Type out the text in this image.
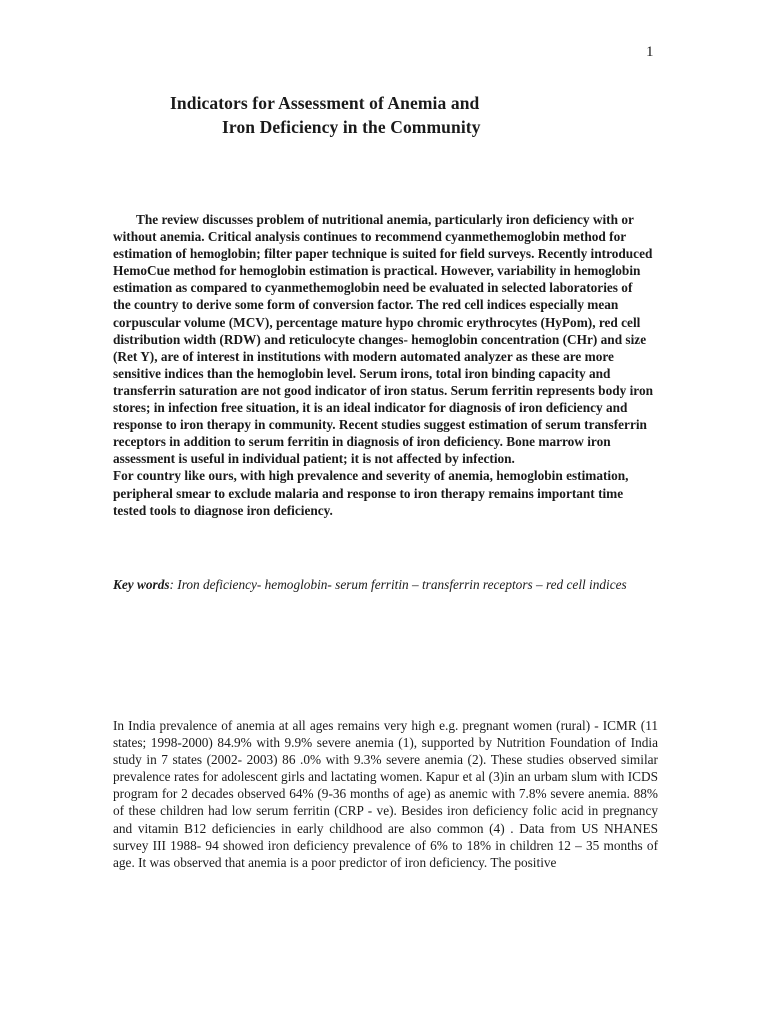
1
Indicators for Assessment of Anemia and
Iron Deficiency in the Community

The review discusses problem of nutritional anemia, particularly iron deficiency with or without anemia. Critical analysis continues to recommend cyanmethemoglobin method for estimation of hemoglobin; filter paper technique is suited for field surveys. Recently introduced HemoCue method for hemoglobin estimation is practical. However, variability in hemoglobin estimation as compared to cyanmethemoglobin need be evaluated in selected laboratories of the country to derive some form of conversion factor. The red cell indices especially mean corpuscular volume (MCV), percentage mature hypo chromic erythrocytes (HyPom), red cell distribution width (RDW) and reticulocyte changes- hemoglobin concentration (CHr) and size (Ret Y), are of interest in institutions with modern automated analyzer as these are more sensitive indices than the hemoglobin level. Serum irons, total iron binding capacity and transferrin saturation are not good indicator of iron status. Serum ferritin represents body iron stores; in infection free situation, it is an ideal indicator for diagnosis of iron deficiency and response to iron therapy in community. Recent studies suggest estimation of serum transferrin receptors in addition to serum ferritin in diagnosis of iron deficiency. Bone marrow iron assessment is useful in individual patient; it is not affected by infection.

For country like ours, with high prevalence and severity of anemia, hemoglobin estimation, peripheral smear to exclude malaria and response to iron therapy remains important time tested tools to diagnose iron deficiency.

Key words: Iron deficiency- hemoglobin- serum ferritin – transferrin receptors – red cell indices

In India prevalence of anemia at all ages remains very high e.g. pregnant women (rural) - ICMR (11 states; 1998-2000) 84.9% with 9.9% severe anemia (1), supported by Nutrition Foundation of India study in 7 states (2002- 2003) 86 .0% with 9.3% severe anemia (2). These studies observed similar prevalence rates for adolescent girls and lactating women. Kapur et al (3)in an urbam slum with ICDS program for 2 decades observed 64% (9-36 months of age) as anemic with 7.8% severe anemia. 88% of these children had low serum ferritin (CRP - ve). Besides iron deficiency folic acid in pregnancy and vitamin B12 deficiencies in early childhood are also common (4) . Data from US NHANES survey III 1988- 94 showed iron deficiency prevalence of 6% to 18% in children 12 – 35 months of age. It was observed that anemia is a poor predictor of iron deficiency. The positive
